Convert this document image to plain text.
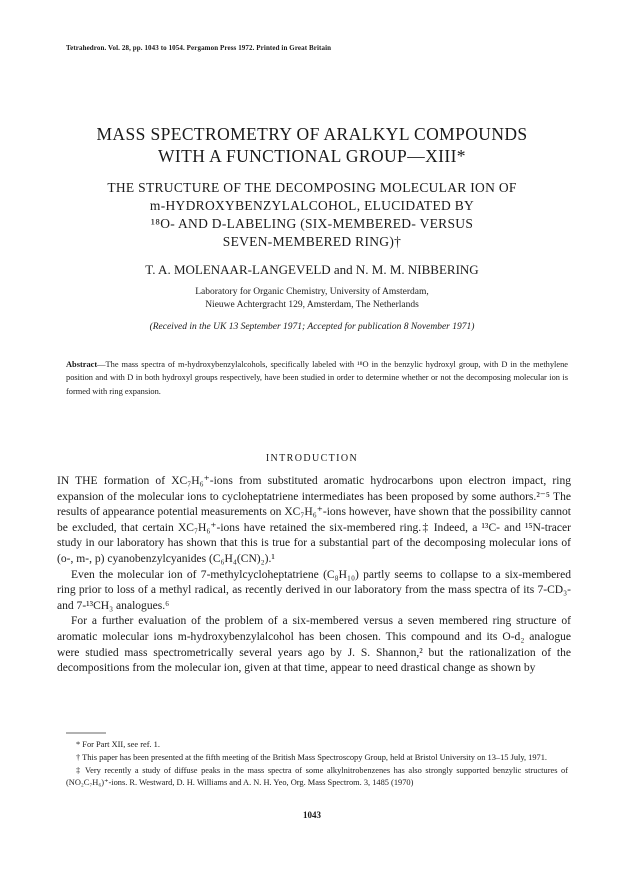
Tetrahedron. Vol. 28, pp. 1043 to 1054. Pergamon Press 1972. Printed in Great Britain
MASS SPECTROMETRY OF ARALKYL COMPOUNDS
WITH A FUNCTIONAL GROUP—XIII*
THE STRUCTURE OF THE DECOMPOSING MOLECULAR ION OF
m-HYDROXYBENZYLALCOHOL, ELUCIDATED BY
¹⁸O- AND D-LABELING (SIX-MEMBERED- VERSUS
SEVEN-MEMBERED RING)†
T. A. MOLENAAR-LANGEVELD and N. M. M. NIBBERING
Laboratory for Organic Chemistry, University of Amsterdam,
Nieuwe Achtergracht 129, Amsterdam, The Netherlands
(Received in the UK 13 September 1971; Accepted for publication 8 November 1971)
Abstract—The mass spectra of m-hydroxybenzylalcohols, specifically labeled with ¹⁸O in the benzylic hydroxyl group, with D in the methylene position and with D in both hydroxyl groups respectively, have been studied in order to determine whether or not the decomposing molecular ion is formed with ring expansion.
INTRODUCTION

IN THE formation of XC₇H₆⁺-ions from substituted aromatic hydrocarbons upon electron impact, ring expansion of the molecular ions to cycloheptatriene intermediates has been proposed by some authors.²⁻⁵ The results of appearance potential measurements on XC₇H₆⁺-ions however, have shown that the possibility cannot be excluded, that certain XC₇H₆⁺-ions have retained the six-membered ring.‡ Indeed, a ¹³C- and ¹⁵N-tracer study in our laboratory has shown that this is true for a substantial part of the decomposing molecular ions of (o-, m-, p) cyanobenzylcyanides (C₆H₄(CN)₂).¹

Even the molecular ion of 7-methylcycloheptatriene (C₈H₁₀) partly seems to collapse to a six-membered ring prior to loss of a methyl radical, as recently derived in our laboratory from the mass spectra of its 7-CD₃- and 7-¹³CH₃ analogues.⁶

For a further evaluation of the problem of a six-membered versus a seven membered ring structure of aromatic molecular ions m-hydroxybenzylalcohol has been chosen. This compound and its O-d₂ analogue were studied mass spectrometrically several years ago by J. S. Shannon,² but the rationalization of the decompositions from the molecular ion, given at that time, appear to need drastical change as shown by

* For Part XII, see ref. 1.

† This paper has been presented at the fifth meeting of the British Mass Spectroscopy Group, held at Bristol University on 13–15 July, 1971.

‡ Very recently a study of diffuse peaks in the mass spectra of some alkylnitrobenzenes has also strongly supported benzylic structures of (NO₂C₇H₆)⁺-ions. R. Westward, D. H. Williams and A. N. H. Yeo, Org. Mass Spectrom. 3, 1485 (1970)

1043
